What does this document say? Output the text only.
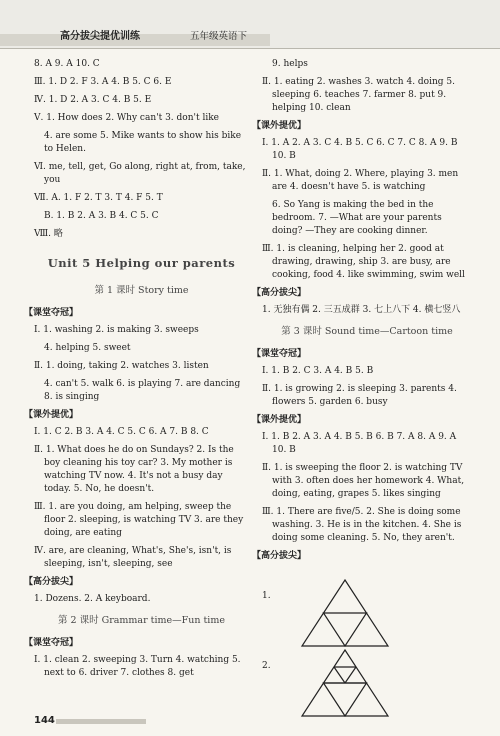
高分拔尖提优训练	五年级英语下
8. A 9. A 10. C
Ⅲ. 1. D 2. F 3. A 4. B 5. C 6. E
Ⅳ. 1. D 2. A 3. C 4. B 5. E
Ⅴ. 1. How does 2. Why can't 3. don't like
4. are some 5. Mike wants to show his bike to Helen.
Ⅵ. me, tell, get, Go along, right at, from, take, you
Ⅶ. A. 1. F 2. T 3. T 4. F 5. T
B. 1. B 2. A 3. B 4. C 5. C
Ⅷ. 略
Unit 5 Helping our parents
第 1 课时 Story time
【课堂夺冠】
Ⅰ. 1. washing 2. is making 3. sweeps
4. helping 5. sweet
Ⅱ. 1. doing, taking 2. watches 3. listen
4. can't 5. walk 6. is playing 7. are dancing 8. is singing
【课外提优】
Ⅰ. 1. C 2. B 3. A 4. C 5. C 6. A 7. B 8. C
Ⅱ. 1. What does he do on Sundays? 2. Is the boy cleaning his toy car? 3. My mother is watching TV now. 4. It's not a busy day today. 5. No, he doesn't.
Ⅲ. 1. are you doing, am helping, sweep the floor 2. sleeping, is watching TV 3. are they doing, are eating
Ⅳ. are, are cleaning, What's, She's, isn't, is sleeping, isn't, sleeping, see
【高分拔尖】
1. Dozens. 2. A keyboard.
第 2 课时 Grammar time—Fun time
【课堂夺冠】
Ⅰ. 1. clean 2. sweeping 3. Turn 4. watching 5. next to 6. driver 7. clothes 8. get
9. helps
Ⅱ. 1. eating 2. washes 3. watch 4. doing 5. sleeping 6. teaches 7. farmer 8. put 9. helping 10. clean
【课外提优】
Ⅰ. 1. A 2. A 3. C 4. B 5. C 6. C 7. C 8. A 9. B 10. B
Ⅱ. 1. What, doing 2. Where, playing 3. men are 4. doesn't have 5. is watching
6. So Yang is making the bed in the bedroom. 7. —What are your parents doing? —They are cooking dinner.
Ⅲ. 1. is cleaning, helping her 2. good at drawing, drawing, ship 3. are busy, are cooking, food 4. like swimming, swim well
【高分拔尖】
1. 无独有偶 2. 三五成群 3. 七上八下 4. 横七竖八
第 3 课时 Sound time—Cartoon time
【课堂夺冠】
Ⅰ. 1. B 2. C 3. A 4. B 5. B
Ⅱ. 1. is growing 2. is sleeping 3. parents 4. flowers 5. garden 6. busy
【课外提优】
Ⅰ. 1. B 2. A 3. A 4. B 5. B 6. B 7. A 8. A 9. A 10. B
Ⅱ. 1. is sweeping the floor 2. is watching TV with 3. often does her homework 4. What, doing, eating, grapes 5. likes singing
Ⅲ. 1. There are five/5. 2. She is doing some washing. 3. He is in the kitchen. 4. She is doing some cleaning. 5. No, they aren't.
【高分拔尖】
1.
2.
144
